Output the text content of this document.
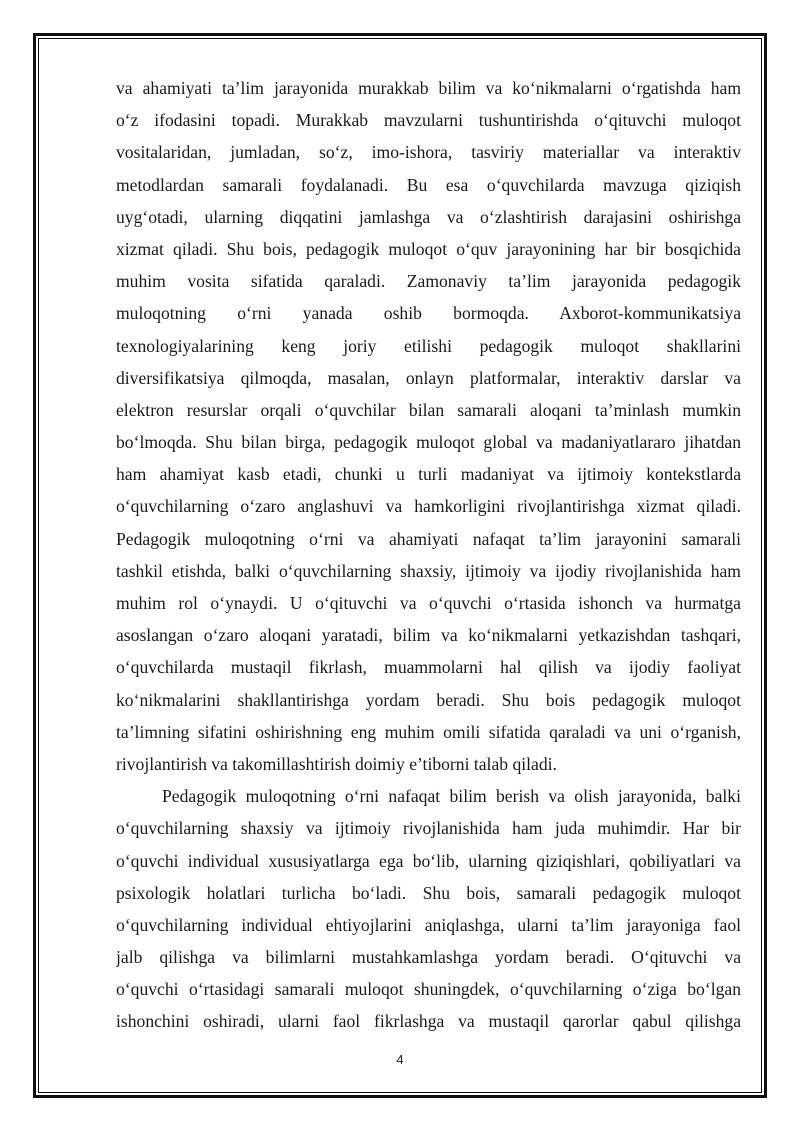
va ahamiyati ta’lim jarayonida murakkab bilim va ko‘nikmalarni o‘rgatishda ham
o‘z ifodasini topadi. Murakkab mavzularni tushuntirishda o‘qituvchi muloqot
vositalaridan, jumladan, so‘z, imo-ishora, tasviriy materiallar va interaktiv
metodlardan samarali foydalanadi. Bu esa o‘quvchilarda mavzuga qiziqish
uyg‘otadi, ularning diqqatini jamlashga va o‘zlashtirish darajasini oshirishga
xizmat qiladi. Shu bois, pedagogik muloqot o‘quv jarayonining har bir bosqichida
muhim vosita sifatida qaraladi. Zamonaviy ta’lim jarayonida pedagogik
muloqotning o‘rni yanada oshib bormoqda. Axborot-kommunikatsiya
texnologiyalarining keng joriy etilishi pedagogik muloqot shakllarini
diversifikatsiya qilmoqda, masalan, onlayn platformalar, interaktiv darslar va
elektron resurslar orqali o‘quvchilar bilan samarali aloqani ta’minlash mumkin
bo‘lmoqda. Shu bilan birga, pedagogik muloqot global va madaniyatlararo jihatdan
ham ahamiyat kasb etadi, chunki u turli madaniyat va ijtimoiy kontekstlarda
o‘quvchilarning o‘zaro anglashuvi va hamkorligini rivojlantirishga xizmat qiladi.
Pedagogik muloqotning o‘rni va ahamiyati nafaqat ta’lim jarayonini samarali
tashkil etishda, balki o‘quvchilarning shaxsiy, ijtimoiy va ijodiy rivojlanishida ham
muhim rol o‘ynaydi. U o‘qituvchi va o‘quvchi o‘rtasida ishonch va hurmatga
asoslangan o‘zaro aloqani yaratadi, bilim va ko‘nikmalarni yetkazishdan tashqari,
o‘quvchilarda mustaqil fikrlash, muammolarni hal qilish va ijodiy faoliyat
ko‘nikmalarini shakllantirishga yordam beradi. Shu bois pedagogik muloqot
ta’limning sifatini oshirishning eng muhim omili sifatida qaraladi va uni o‘rganish,
rivojlantirish va takomillashtirish doimiy e’tiborni talab qiladi.
Pedagogik muloqotning o‘rni nafaqat bilim berish va olish jarayonida, balki
o‘quvchilarning shaxsiy va ijtimoiy rivojlanishida ham juda muhimdir. Har bir
o‘quvchi individual xususiyatlarga ega bo‘lib, ularning qiziqishlari, qobiliyatlari va
psixologik holatlari turlicha bo‘ladi. Shu bois, samarali pedagogik muloqot
o‘quvchilarning individual ehtiyojlarini aniqlashga, ularni ta’lim jarayoniga faol
jalb qilishga va bilimlarni mustahkamlashga yordam beradi. O‘qituvchi va
o‘quvchi o‘rtasidagi samarali muloqot shuningdek, o‘quvchilarning o‘ziga bo‘lgan
ishonchini oshiradi, ularni faol fikrlashga va mustaqil qarorlar qabul qilishga
4
